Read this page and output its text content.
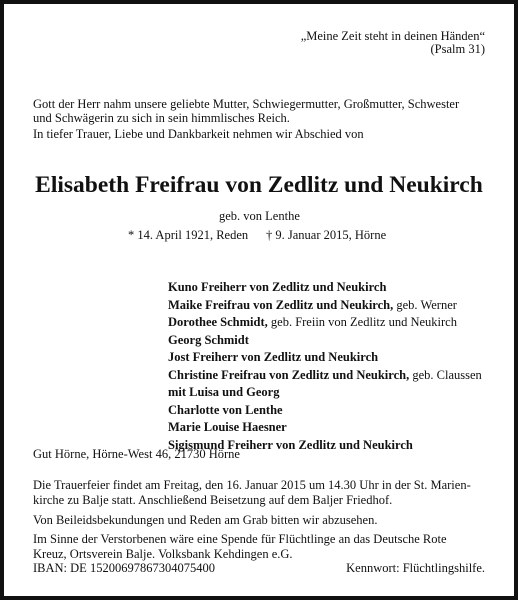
„Meine Zeit steht in deinen Händen“
(Psalm 31)
Gott der Herr nahm unsere geliebte Mutter, Schwiegermutter, Großmutter, Schwester
und Schwägerin zu sich in sein himmlisches Reich.
In tiefer Trauer, Liebe und Dankbarkeit nehmen wir Abschied von
Elisabeth Freifrau von Zedlitz und Neukirch
geb. von Lenthe
* 14. April 1921, Reden † 9. Januar 2015, Hörne
Kuno Freiherr von Zedlitz und Neukirch
Maike Freifrau von Zedlitz und Neukirch, geb. Werner
Dorothee Schmidt, geb. Freiin von Zedlitz und Neukirch
Georg Schmidt
Jost Freiherr von Zedlitz und Neukirch
Christine Freifrau von Zedlitz und Neukirch, geb. Claussen
mit Luisa und Georg
Charlotte von Lenthe
Marie Louise Haesner
Sigismund Freiherr von Zedlitz und Neukirch
Gut Hörne, Hörne-West 46, 21730 Hörne
Die Trauerfeier findet am Freitag, den 16. Januar 2015 um 14.30 Uhr in der St. Marien-
kirche zu Balje statt. Anschließend Beisetzung auf dem Baljer Friedhof.
Von Beileidsbekundungen und Reden am Grab bitten wir abzusehen.
Im Sinne der Verstorbenen wäre eine Spende für Flüchtlinge an das Deutsche Rote
Kreuz, Ortsverein Balje. Volksbank Kehdingen e.G.
IBAN: DE 15200697867304075400	Kennwort: Flüchtlingshilfe.
